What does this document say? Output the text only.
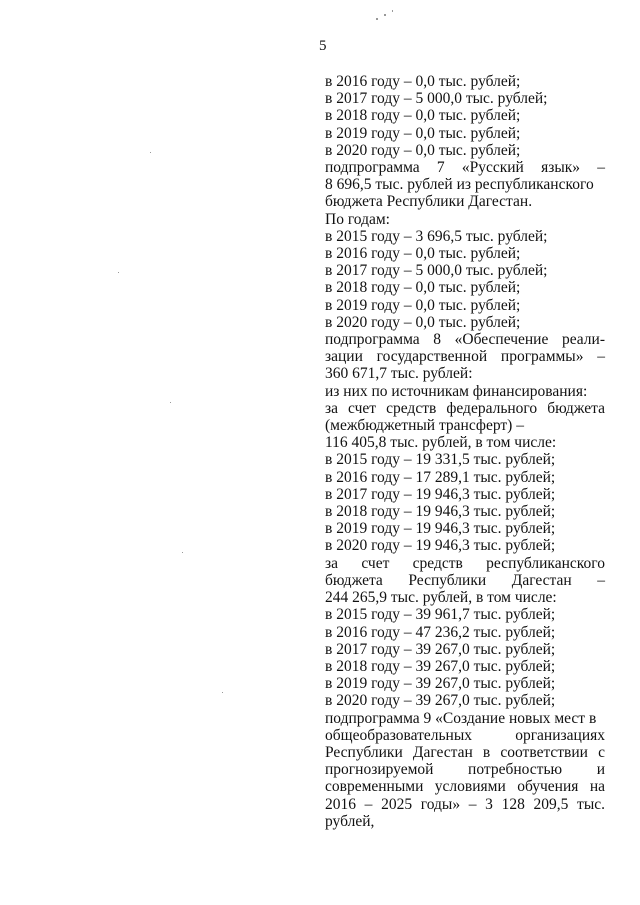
5
в 2016 году – 0,0 тыс. рублей;
в 2017 году – 5 000,0 тыс. рублей;
в 2018 году – 0,0 тыс. рублей;
в 2019 году – 0,0 тыс. рублей;
в 2020 году – 0,0 тыс. рублей;
подпрограмма 7 «Русский язык» –
8 696,5 тыс. рублей из республиканского
бюджета Республики Дагестан.
По годам:
в 2015 году – 3 696,5 тыс. рублей;
в 2016 году – 0,0 тыс. рублей;
в 2017 году – 5 000,0 тыс. рублей;
в 2018 году – 0,0 тыс. рублей;
в 2019 году – 0,0 тыс. рублей;
в 2020 году – 0,0 тыс. рублей;
подпрограмма 8 «Обеспечение реали-
зации государственной программы» –
360 671,7 тыс. рублей:
из них по источникам финансирования:
за счет средств федерального бюджета
(межбюджетный трансферт) –
116 405,8 тыс. рублей, в том числе:
в 2015 году – 19 331,5 тыс. рублей;
в 2016 году – 17 289,1 тыс. рублей;
в 2017 году – 19 946,3 тыс. рублей;
в 2018 году – 19 946,3 тыс. рублей;
в 2019 году – 19 946,3 тыс. рублей;
в 2020 году – 19 946,3 тыс. рублей;
за счет средств республиканского
бюджета Республики Дагестан –
244 265,9 тыс. рублей, в том числе:
в 2015 году – 39 961,7 тыс. рублей;
в 2016 году – 47 236,2 тыс. рублей;
в 2017 году – 39 267,0 тыс. рублей;
в 2018 году – 39 267,0 тыс. рублей;
в 2019 году – 39 267,0 тыс. рублей;
в 2020 году – 39 267,0 тыс. рублей;
подпрограмма 9 «Создание новых мест в
общеобразовательных организациях
Республики Дагестан в соответствии с
прогнозируемой потребностью и
современными условиями обучения на
2016 – 2025 годы» – 3 128 209,5 тыс.
рублей,
